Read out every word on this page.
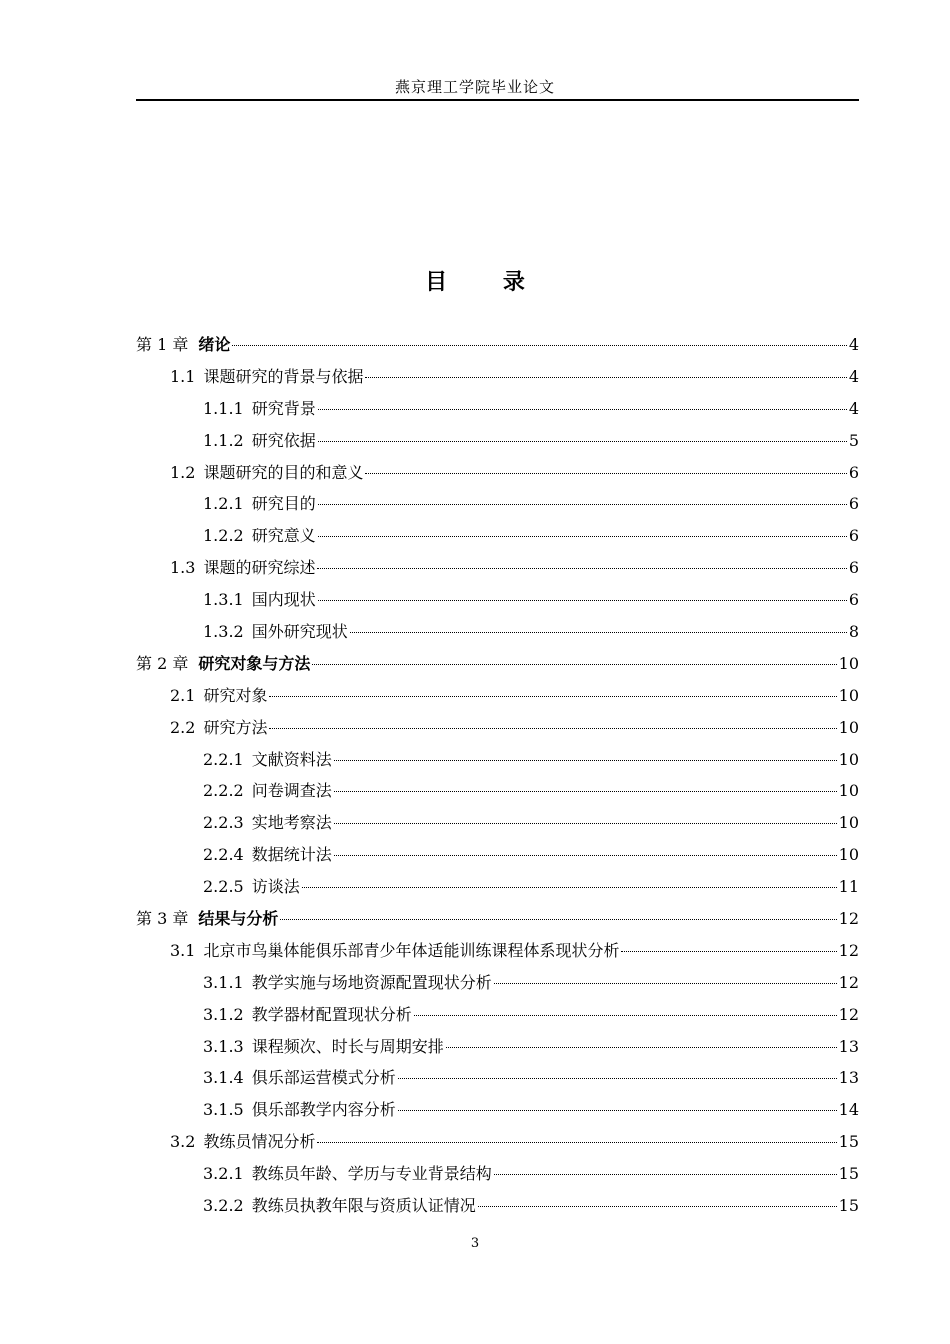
燕京理工学院毕业论文
目 录
第 1 章 绪论	4
1.1 课题研究的背景与依据	4
1.1.1 研究背景	4
1.1.2 研究依据	5
1.2 课题研究的目的和意义	6
1.2.1 研究目的	6
1.2.2 研究意义	6
1.3 课题的研究综述	6
1.3.1 国内现状	6
1.3.2 国外研究现状	8
第 2 章 研究对象与方法	10
2.1 研究对象	10
2.2 研究方法	10
2.2.1 文献资料法	10
2.2.2 问卷调查法	10
2.2.3 实地考察法	10
2.2.4 数据统计法	10
2.2.5 访谈法	11
第 3 章 结果与分析	12
3.1 北京市鸟巢体能俱乐部青少年体适能训练课程体系现状分析	12
3.1.1 教学实施与场地资源配置现状分析	12
3.1.2 教学器材配置现状分析	12
3.1.3 课程频次、时长与周期安排	13
3.1.4 俱乐部运营模式分析	13
3.1.5 俱乐部教学内容分析	14
3.2 教练员情况分析	15
3.2.1 教练员年龄、学历与专业背景结构	15
3.2.2 教练员执教年限与资质认证情况	15
3
